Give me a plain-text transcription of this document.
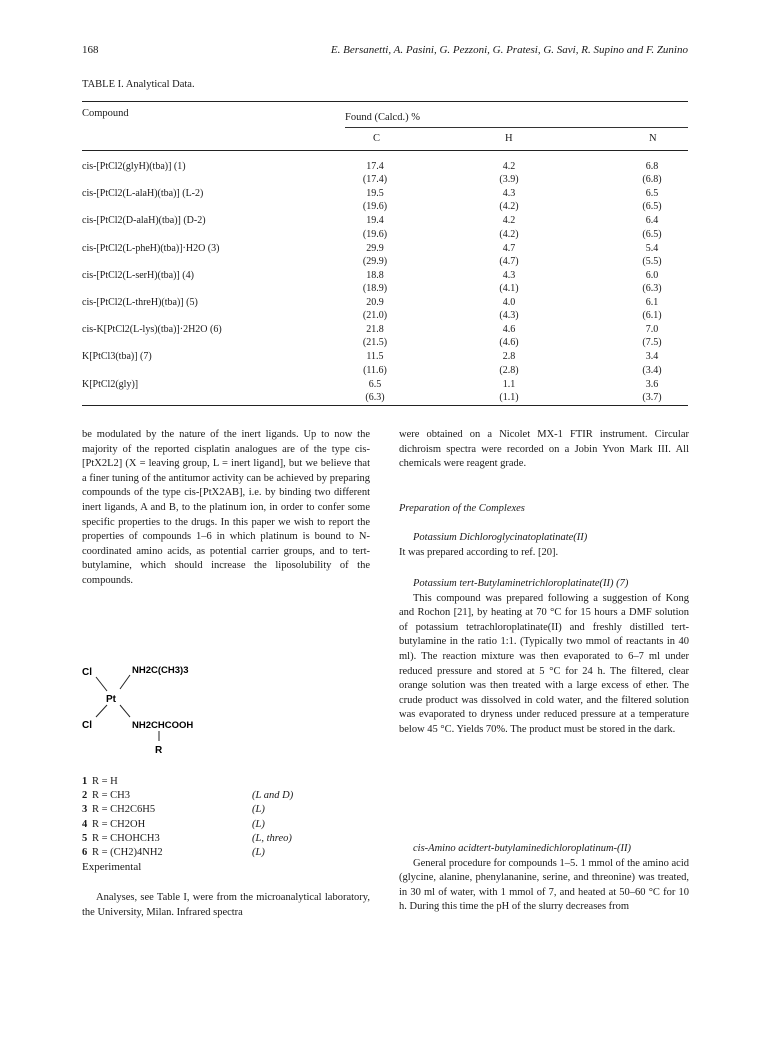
168	E. Bersanetti, A. Pasini, G. Pezzoni, G. Pratesi, G. Savi, R. Supino and F. Zunino
TABLE I. Analytical Data.
Compound	Found (Calcd.) %
C	H	N
cis-[PtCl2(glyH)(tba)] (1)	17.4	4.2	6.8
(17.4)	(3.9)	(6.8)
cis-[PtCl2(L-alaH)(tba)] (L-2)	19.5	4.3	6.5
(19.6)	(4.2)	(6.5)
cis-[PtCl2(D-alaH)(tba)] (D-2)	19.4	4.2	6.4
(19.6)	(4.2)	(6.5)
cis-[PtCl2(L-pheH)(tba)]·H2O (3)	29.9	4.7	5.4
(29.9)	(4.7)	(5.5)
cis-[PtCl2(L-serH)(tba)] (4)	18.8	4.3	6.0
(18.9)	(4.1)	(6.3)
cis-[PtCl2(L-threH)(tba)] (5)	20.9	4.0	6.1
(21.0)	(4.3)	(6.1)
cis-K[PtCl2(L-lys)(tba)]·2H2O (6)	21.8	4.6	7.0
(21.5)	(4.6)	(7.5)
K[PtCl3(tba)] (7)	11.5	2.8	3.4
(11.6)	(2.8)	(3.4)
K[PtCl2(gly)]	6.5	1.1	3.6
(6.3)	(1.1)	(3.7)

be modulated by the nature of the inert ligands. Up to now the majority of the reported cisplatin analogues are of the type cis-[PtX2L2] (X = leaving group, L = inert ligand], but we believe that a finer tuning of the antitumor activity can be achieved by preparing compounds of the type cis-[PtX2AB], i.e. by binding two different inert ligands, A and B, to the platinum ion, in order to confer some specific properties to the drugs. In this paper we wish to report the properties of compounds 1–6 in which platinum is bound to N-coordinated amino acids, as potential carrier groups, and to tert-butylamine, which should increase the liposolubility of the compounds.

Cl	NH2C(CH3)3
Pt
Cl	NH2CHCOOH
R
1 R = H
2 R = CH3	(L and D)
3 R = CH2C6H5	(L)
4 R = CH2OH	(L)
5 R = CHOHCH3	(L, threo)
6 R = (CH2)4NH2	(L)
Experimental

Analyses, see Table I, were from the microanalytical laboratory, the University, Milan. Infrared spectra

were obtained on a Nicolet MX-1 FTIR instrument. Circular dichroism spectra were recorded on a Jobin Yvon Mark III. All chemicals were reagent grade.

Preparation of the Complexes

Potassium Dichloroglycinatoplatinate(II)

It was prepared according to ref. [20].

Potassium tert-Butylaminetrichloroplatinate(II) (7)

This compound was prepared following a suggestion of Kong and Rochon [21], by heating at 70 °C for 15 hours a DMF solution of potassium tetrachloroplatinate(II) and freshly distilled tert-butylamine in the ratio 1:1. (Typically two mmol of reactants in 40 ml). The reaction mixture was then evaporated to 6–7 ml under reduced pressure and stored at 5 °C for 24 h. The filtered, clear orange solution was then treated with a large excess of ether. The crude product was dissolved in cold water, and the filtered solution was evaporated to dryness under reduced pressure at a temperature below 45 °C. Yields 70%. The product must be stored in the dark.

cis-Amino acidtert-butylaminedichloroplatinum-(II)

General procedure for compounds 1–5. 1 mmol of the amino acid (glycine, alanine, phenylananine, serine, and threonine) was treated, in 30 ml of water, with 1 mmol of 7, and heated at 50–60 °C for 10 h. During this time the pH of the slurry decreases from
